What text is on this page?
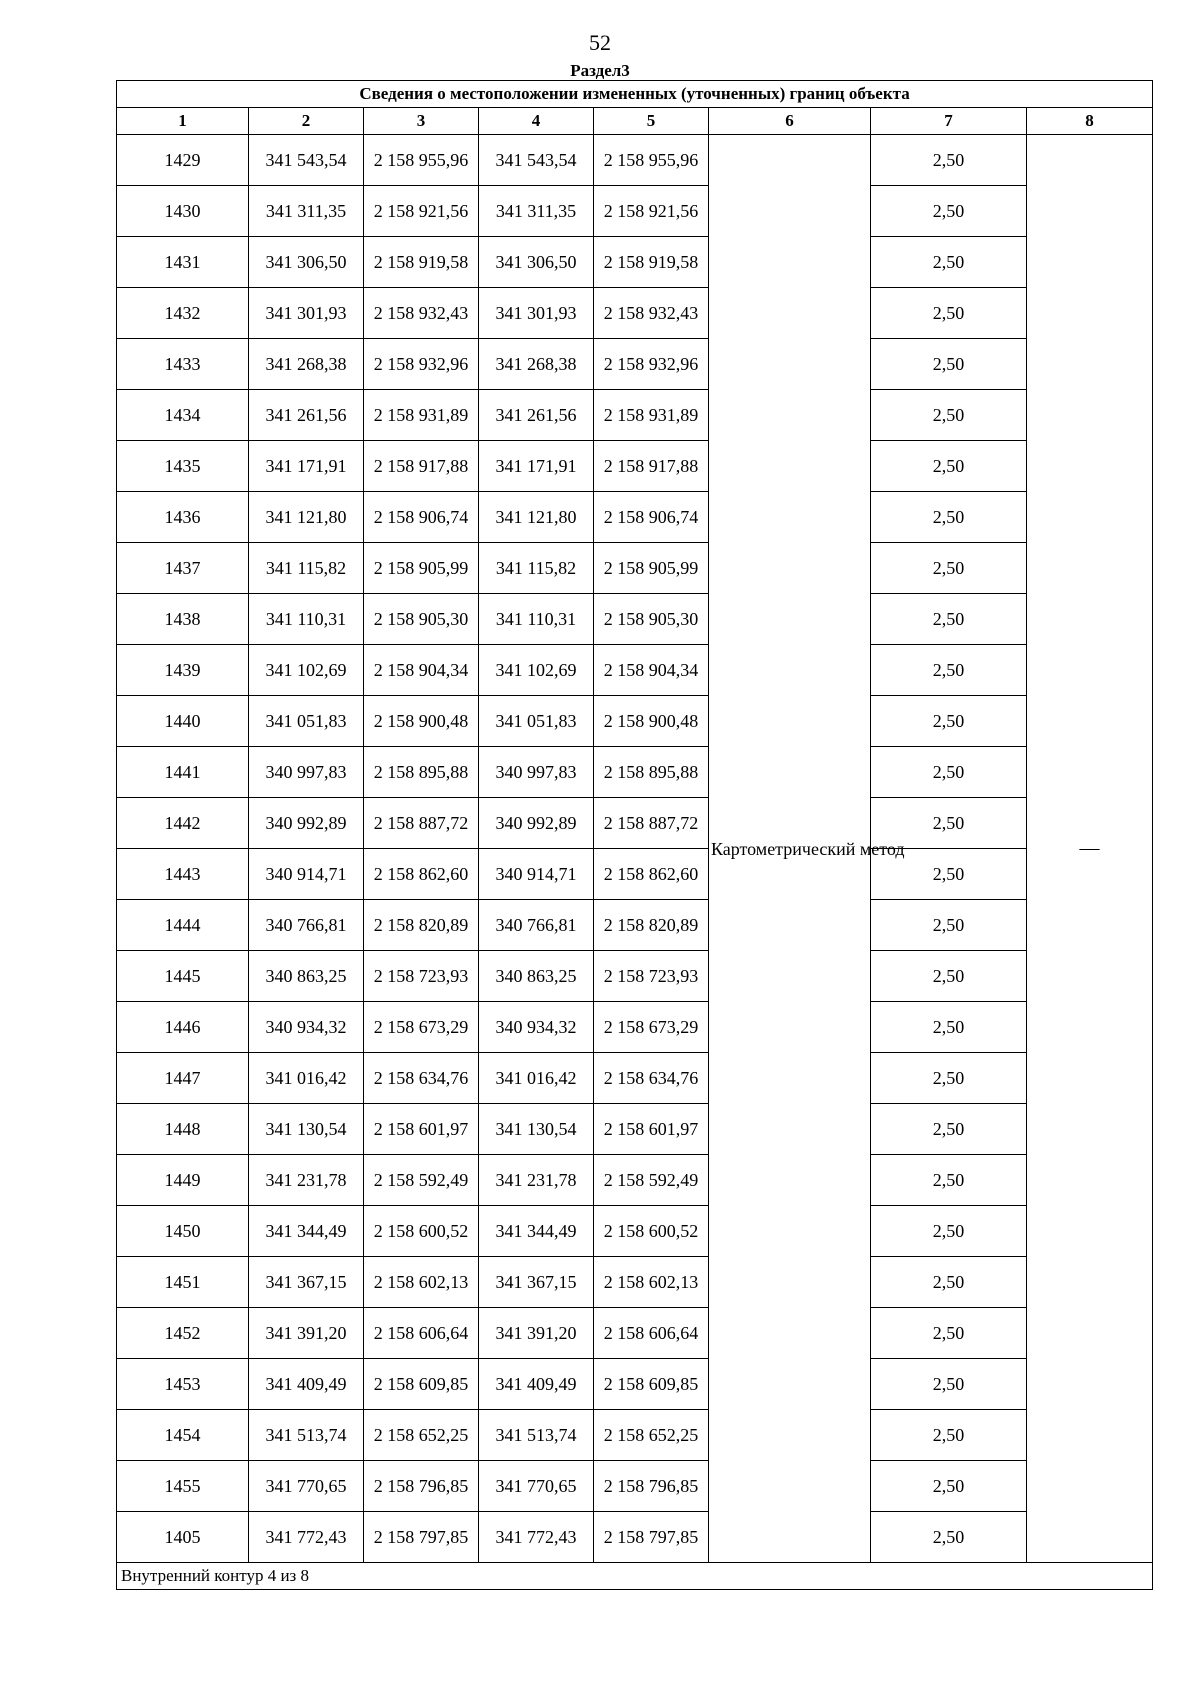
52
Раздел3
Сведения о местоположении измененных (уточненных) границ объекта							
1	2	3	4	5	6	7	8
1429	341 543,54	2 158 955,96	341 543,54	2 158 955,96	Картометрический метод	2,50	—
1430	341 311,35	2 158 921,56	341 311,35	2 158 921,56		2,50	
1431	341 306,50	2 158 919,58	341 306,50	2 158 919,58		2,50	
1432	341 301,93	2 158 932,43	341 301,93	2 158 932,43		2,50	
1433	341 268,38	2 158 932,96	341 268,38	2 158 932,96		2,50	
1434	341 261,56	2 158 931,89	341 261,56	2 158 931,89		2,50	
1435	341 171,91	2 158 917,88	341 171,91	2 158 917,88		2,50	
1436	341 121,80	2 158 906,74	341 121,80	2 158 906,74		2,50	
1437	341 115,82	2 158 905,99	341 115,82	2 158 905,99		2,50	
1438	341 110,31	2 158 905,30	341 110,31	2 158 905,30		2,50	
1439	341 102,69	2 158 904,34	341 102,69	2 158 904,34		2,50	
1440	341 051,83	2 158 900,48	341 051,83	2 158 900,48		2,50	
1441	340 997,83	2 158 895,88	340 997,83	2 158 895,88		2,50	
1442	340 992,89	2 158 887,72	340 992,89	2 158 887,72		2,50	
1443	340 914,71	2 158 862,60	340 914,71	2 158 862,60		2,50	
1444	340 766,81	2 158 820,89	340 766,81	2 158 820,89		2,50	
1445	340 863,25	2 158 723,93	340 863,25	2 158 723,93		2,50	
1446	340 934,32	2 158 673,29	340 934,32	2 158 673,29		2,50	
1447	341 016,42	2 158 634,76	341 016,42	2 158 634,76		2,50	
1448	341 130,54	2 158 601,97	341 130,54	2 158 601,97		2,50	
1449	341 231,78	2 158 592,49	341 231,78	2 158 592,49		2,50	
1450	341 344,49	2 158 600,52	341 344,49	2 158 600,52		2,50	
1451	341 367,15	2 158 602,13	341 367,15	2 158 602,13		2,50	
1452	341 391,20	2 158 606,64	341 391,20	2 158 606,64		2,50	
1453	341 409,49	2 158 609,85	341 409,49	2 158 609,85		2,50	
1454	341 513,74	2 158 652,25	341 513,74	2 158 652,25		2,50	
1455	341 770,65	2 158 796,85	341 770,65	2 158 796,85		2,50	
1405	341 772,43	2 158 797,85	341 772,43	2 158 797,85		2,50	
Внутренний контур 4 из 8							
